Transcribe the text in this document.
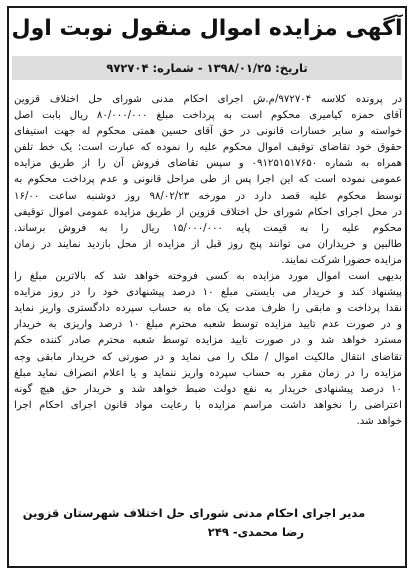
آگهی مزایده اموال منقول نوبت اول
تاریخ: ۱۳۹۸/۰۱/۲۵ - شماره: ۹۷۲۷۰۴

در پرونده کلاسه ۹۷۲۷۰۴/م.ش اجرای احکام مدنی شورای حل اختلاف قزوین
آقای حمزه کیامیری محکوم است به پرداخت مبلغ ۸۰/۰۰۰/۰۰۰ ریال بابت اصل
خواسته و سایر خسارات قانونی در حق آقای حسین همتی محکوم له جهت استیفای
حقوق خود تقاضای توقیف اموال محکوم علیه را نموده که عبارت است: یک خط تلفن
همراه به شماره ۰۹۱۲۵۱۵۱۷۶۵۰ و سپس تقاضای فروش آن را از طریق مزایده
عمومی نموده است که این اجرا پس از طی مراحل قانونی و عدم پرداخت محکوم به
توسط محکوم علیه قصد دارد در مورخه ۹۸/۰۲/۲۳ روز دوشنبه ساعت ۱۶/۰۰
در محل اجرای احکام شورای حل اختلاف قزوین از طریق مزایده عمومی اموال توقیفی
محکوم علیه را به قیمت پایه ۱۵/۰۰۰/۰۰۰ ریال را به فروش برساند.
طالبین و خریداران می توانند پنج روز قبل از مزایده از محل بازدید نمایند در زمان
مزایده حضورا شرکت نمایند.

بدیهی است اموال مورد مزایده به کسی فروخته خواهد شد که بالاترین مبلغ را
پیشنهاد کند و خریدار می بایستی مبلغ ۱۰ درصد پیشنهادی خود را در روز مزایده
نقدا پرداخت و مابقی را ظرف مدت یک ماه به حساب سپرده دادگستری واریز نماید
و در صورت عدم تایید مزایده توسط شعبه محترم مبلغ ۱۰ درصد واریزی به خریدار
مسترد خواهد شد و در صورت تایید مزایده توسط شعبه محترم صادر کننده حکم
تقاضای انتقال مالکیت اموال / ملک را می نماید و در صورتی که خریدار مابقی وجه
مزایده را در زمان مقرر به حساب سپرده واریز ننماید و یا اعلام انصراف نماید مبلغ
۱۰ درصد پیشنهادی خریدار به نفع دولت ضبط خواهد شد و خریدار حق هیچ گونه
اعتراضی را نخواهد داشت مراسم مزایده با رعایت مواد قانون اجرای احکام اجرا
خواهد شد.

مدیر اجرای احکام مدنی شورای حل اختلاف شهرستان قزوین
رضا محمدی- ۲۴۹
